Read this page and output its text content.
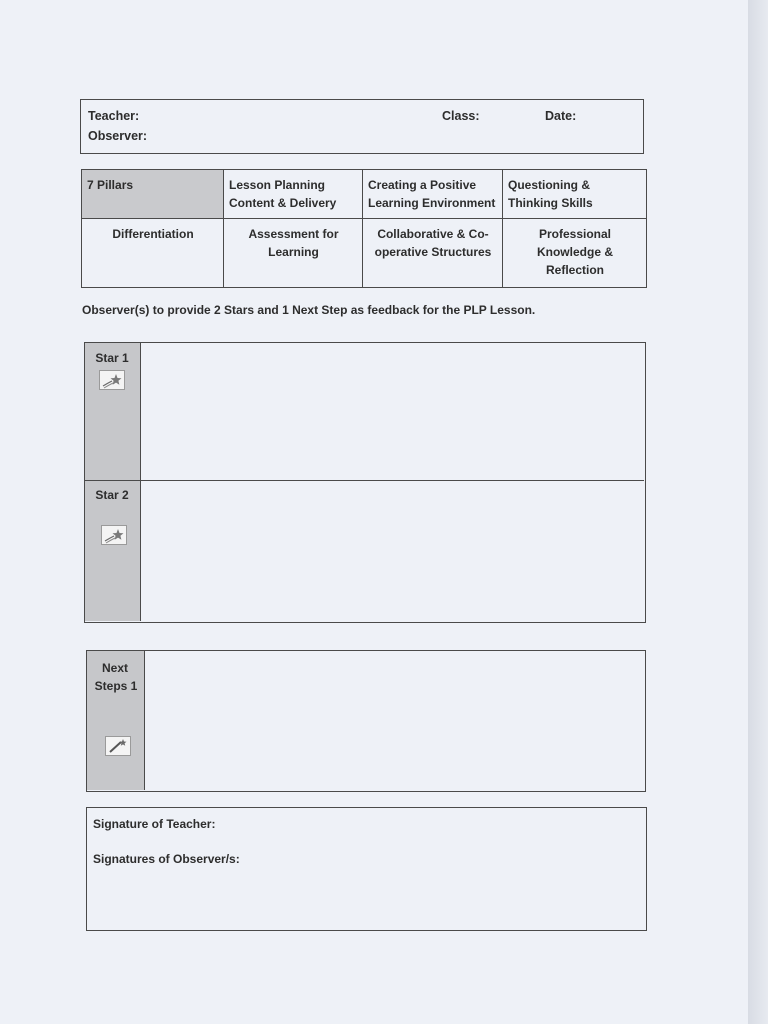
Teacher:
Observer:
Class:	Date:
7 Pillars	Lesson Planning Content & Delivery	Creating a Positive Learning Environment	Questioning & Thinking Skills
Differentiation	Assessment for Learning	Collaborative & Co-operative Structures	Professional Knowledge & Reflection
Observer(s) to provide 2 Stars and 1 Next Step as feedback for the PLP Lesson.
Star 1
Star 2
Next
Steps 1
Signature of Teacher:
Signatures of Observer/s:
